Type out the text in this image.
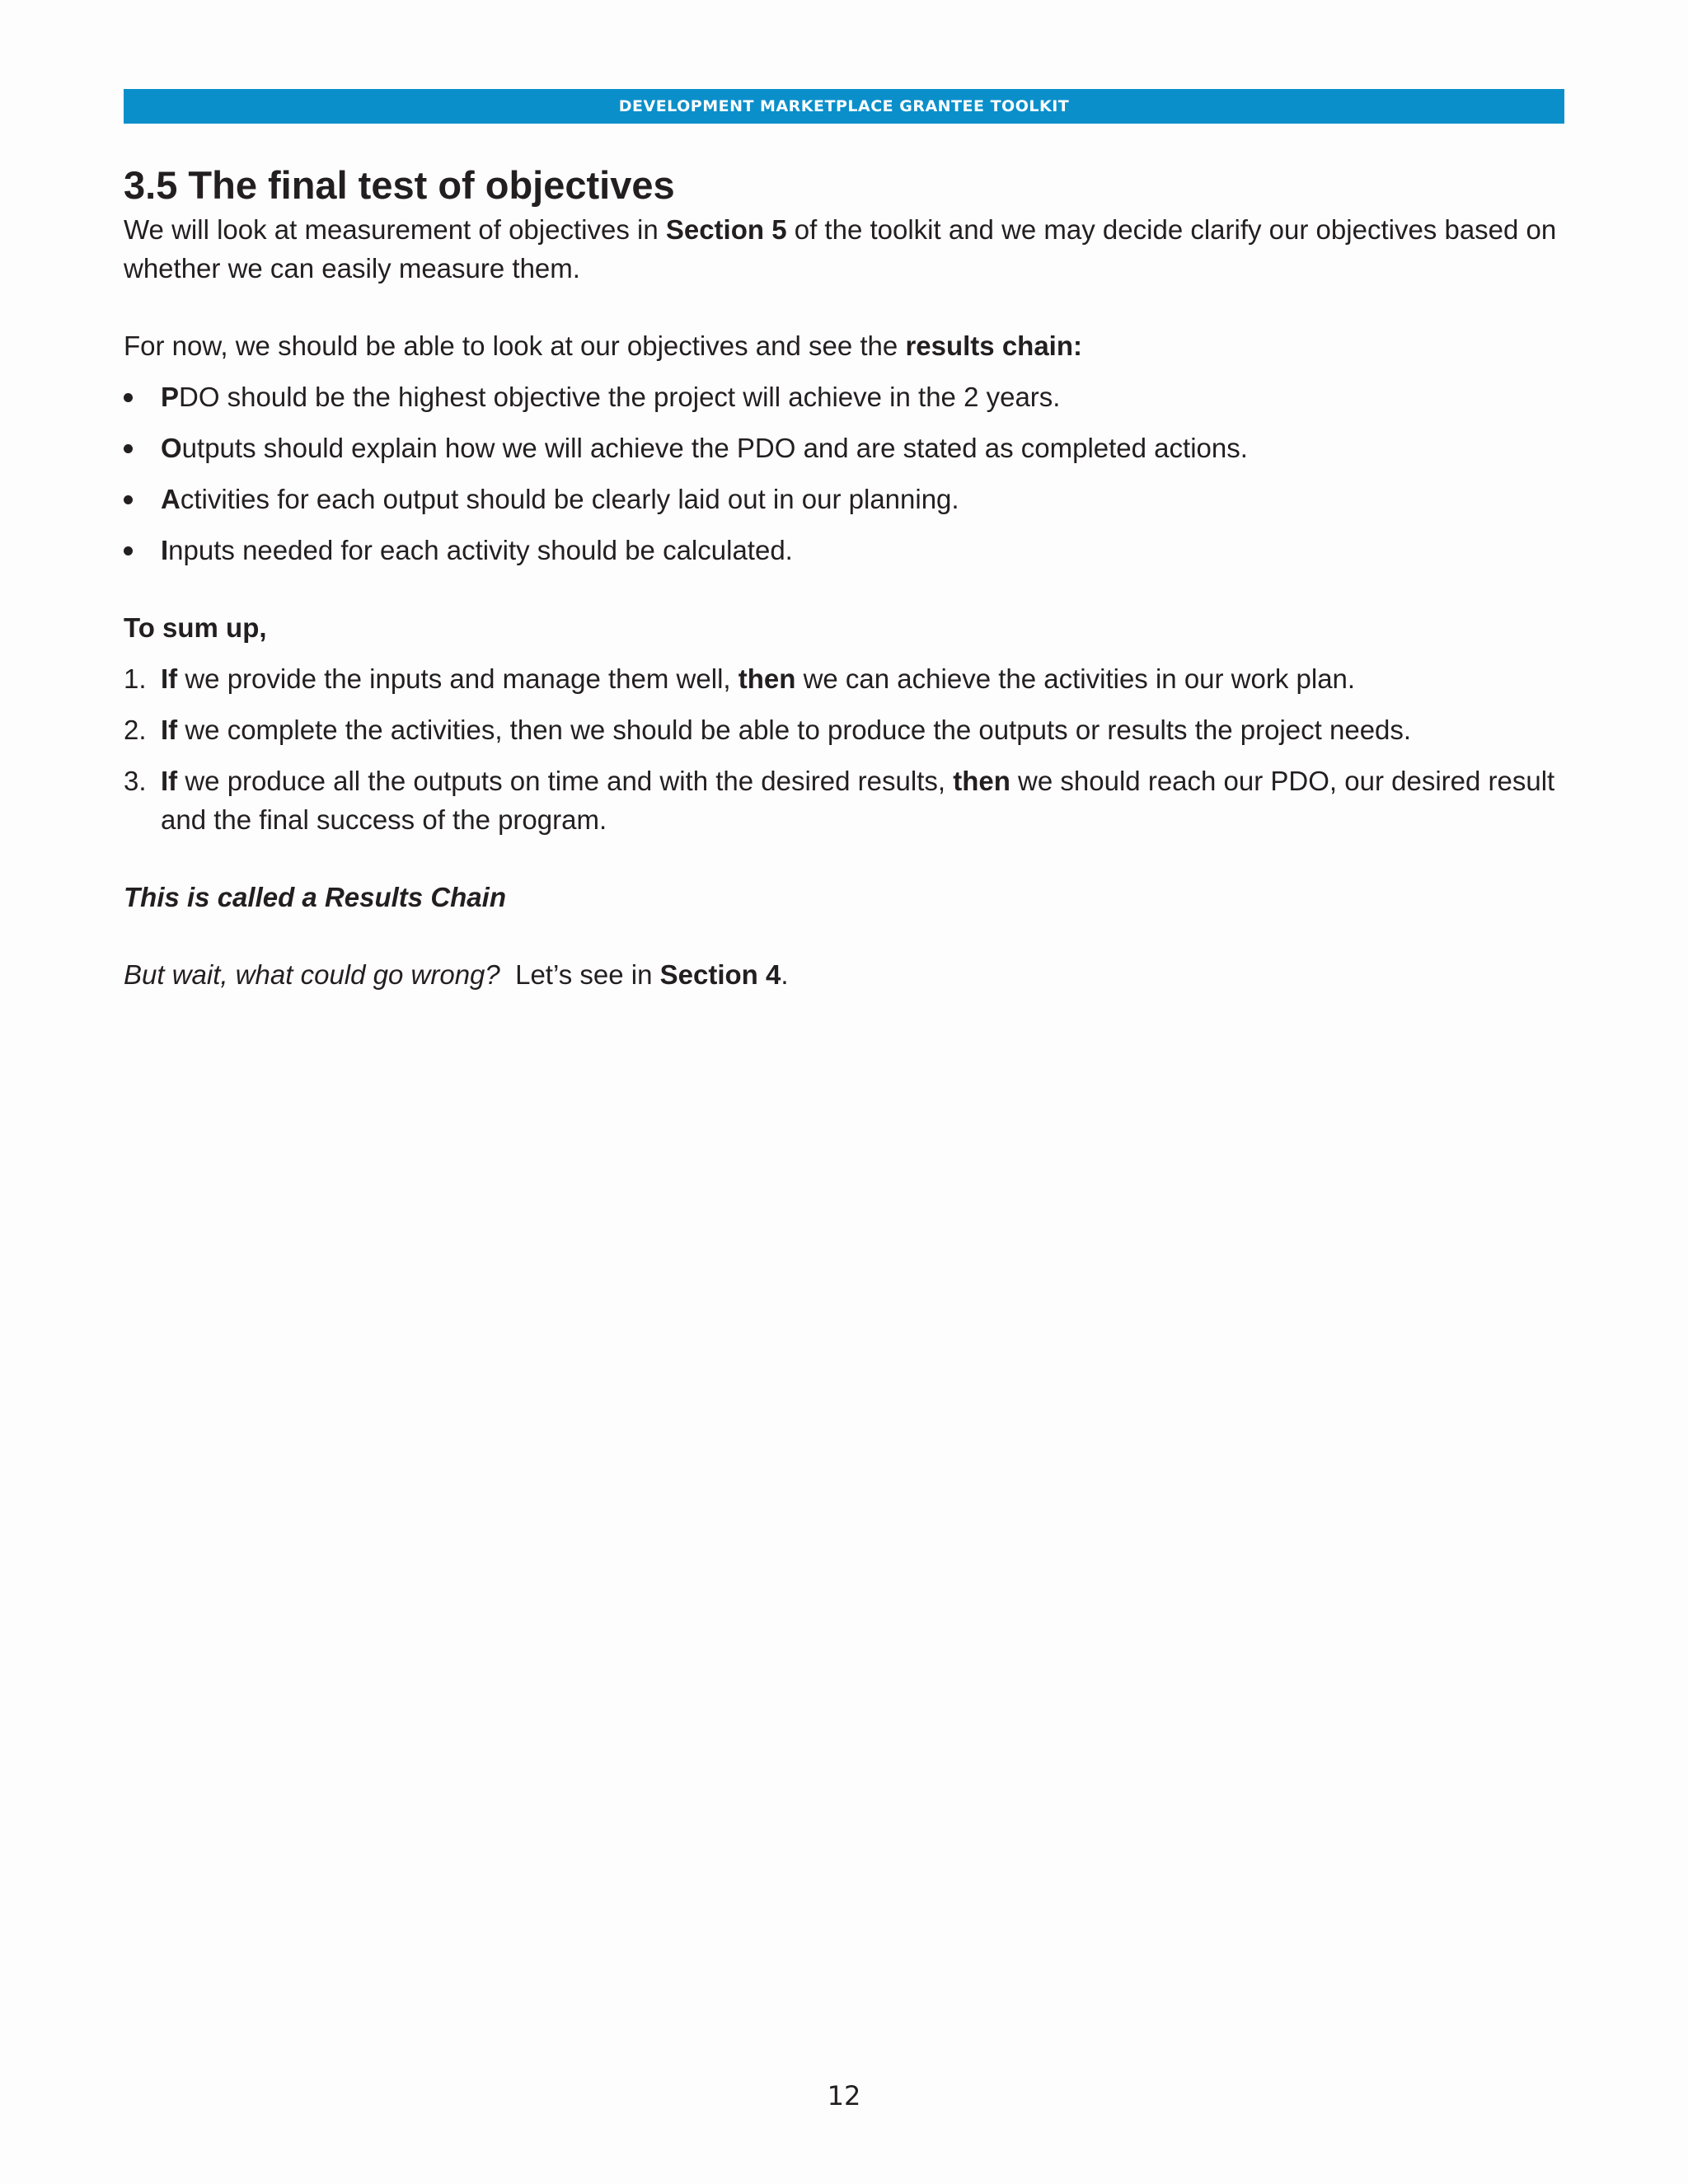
DEVELOPMENT MARKETPLACE GRANTEE TOOLKIT
3.5 The final test of objectives

We will look at measurement of objectives in Section 5 of the toolkit and we may decide clarify our objectives based on whether we can easily measure them.

For now, we should be able to look at our objectives and see the results chain:

PDO should be the highest objective the project will achieve in the 2 years.
Outputs should explain how we will achieve the PDO and are stated as completed actions.
Activities for each output should be clearly laid out in our planning.
Inputs needed for each activity should be calculated.

To sum up,

1. If we provide the inputs and manage them well, then we can achieve the activities in our work plan.
2. If we complete the activities, then we should be able to produce the outputs or results the project needs.
3. If we produce all the outputs on time and with the desired results, then we should reach our PDO, our desired result and the final success of the program.

This is called a Results Chain

But wait, what could go wrong?  Let’s see in Section 4.

12
